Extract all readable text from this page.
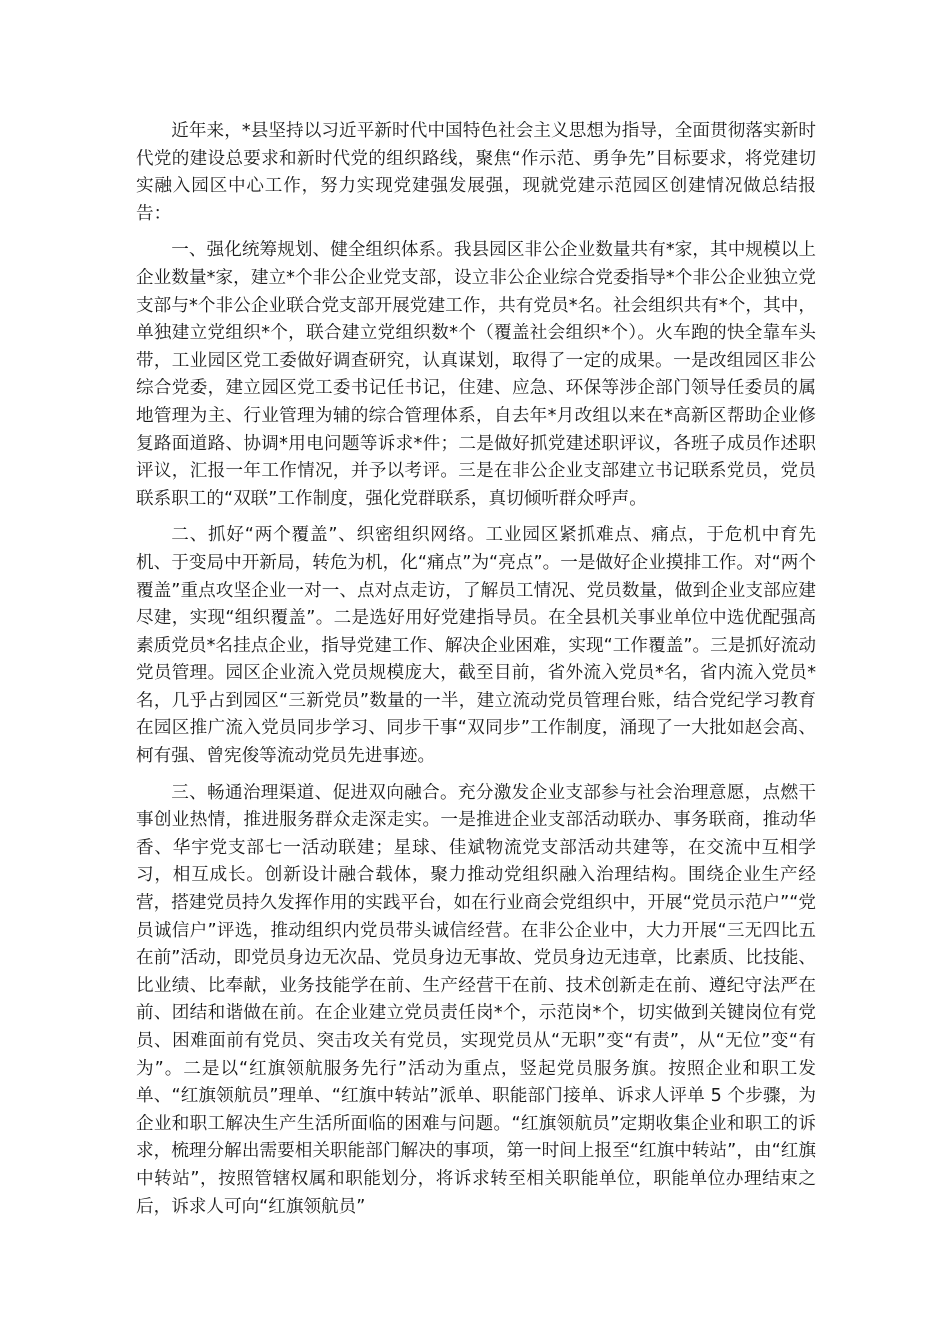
近年来，*县坚持以习近平新时代中国特色社会主义思想为指导，全面贯彻落实新时代党的建设总要求和新时代党的组织路线，聚焦“作示范、勇争先”目标要求，将党建切实融入园区中心工作，努力实现党建强发展强，现就党建示范园区创建情况做总结报告：

一、强化统筹规划、健全组织体系。我县园区非公企业数量共有*家，其中规模以上企业数量*家，建立*个非公企业党支部，设立非公企业综合党委指导*个非公企业独立党支部与*个非公企业联合党支部开展党建工作，共有党员*名。社会组织共有*个，其中，单独建立党组织*个，联合建立党组织数*个（覆盖社会组织*个）。火车跑的快全靠车头带，工业园区党工委做好调查研究，认真谋划，取得了一定的成果。一是改组园区非公综合党委，建立园区党工委书记任书记，住建、应急、环保等涉企部门领导任委员的属地管理为主、行业管理为辅的综合管理体系，自去年*月改组以来在*高新区帮助企业修复路面道路、协调*用电问题等诉求*件；二是做好抓党建述职评议，各班子成员作述职评议，汇报一年工作情况，并予以考评。三是在非公企业支部建立书记联系党员，党员联系职工的“双联”工作制度，强化党群联系，真切倾听群众呼声。

二、抓好“两个覆盖”、织密组织网络。工业园区紧抓难点、痛点，于危机中育先机、于变局中开新局，转危为机，化“痛点”为“亮点”。一是做好企业摸排工作。对“两个覆盖”重点攻坚企业一对一、点对点走访，了解员工情况、党员数量，做到企业支部应建尽建，实现“组织覆盖”。二是选好用好党建指导员。在全县机关事业单位中选优配强高素质党员*名挂点企业，指导党建工作、解决企业困难，实现“工作覆盖”。三是抓好流动党员管理。园区企业流入党员规模庞大，截至目前，省外流入党员*名，省内流入党员*名，几乎占到园区“三新党员”数量的一半，建立流动党员管理台账，结合党纪学习教育在园区推广流入党员同步学习、同步干事“双同步”工作制度，涌现了一大批如赵会高、柯有强、曾宪俊等流动党员先进事迹。

三、畅通治理渠道、促进双向融合。充分激发企业支部参与社会治理意愿，点燃干事创业热情，推进服务群众走深走实。一是推进企业支部活动联办、事务联商，推动华香、华宇党支部七一活动联建；星球、佳斌物流党支部活动共建等，在交流中互相学习，相互成长。创新设计融合载体，聚力推动党组织融入治理结构。围绕企业生产经营，搭建党员持久发挥作用的实践平台，如在行业商会党组织中，开展“党员示范户”“党员诚信户”评选，推动组织内党员带头诚信经营。在非公企业中，大力开展“三无四比五在前”活动，即党员身边无次品、党员身边无事故、党员身边无违章，比素质、比技能、比业绩、比奉献，业务技能学在前、生产经营干在前、技术创新走在前、遵纪守法严在前、团结和谐做在前。在企业建立党员责任岗*个，示范岗*个，切实做到关键岗位有党员、困难面前有党员、突击攻关有党员，实现党员从“无职”变“有责”，从“无位”变“有为”。二是以“红旗领航服务先行”活动为重点，竖起党员服务旗。按照企业和职工发单、“红旗领航员”理单、“红旗中转站”派单、职能部门接单、诉求人评单 5 个步骤，为企业和职工解决生产生活所面临的困难与问题。“红旗领航员”定期收集企业和职工的诉求，梳理分解出需要相关职能部门解决的事项，第一时间上报至“红旗中转站”，由“红旗中转站”，按照管辖权属和职能划分，将诉求转至相关职能单位，职能单位办理结束之后，诉求人可向“红旗领航员”
